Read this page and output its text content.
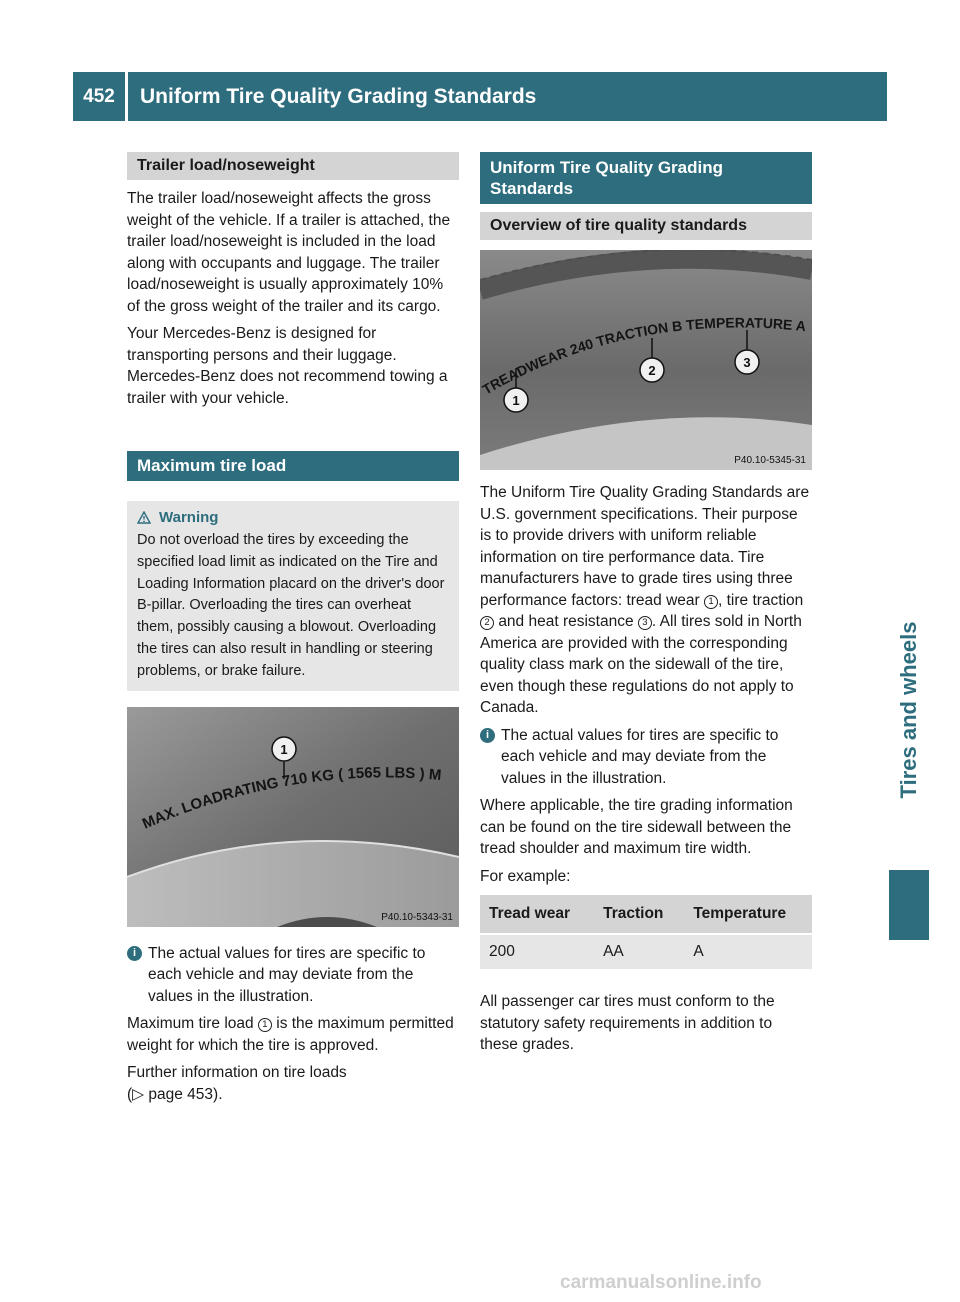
452	Uniform Tire Quality Grading Standards
Tires and wheels
Trailer load/noseweight

The trailer load/noseweight affects the gross weight of the vehicle. If a trailer is attached, the trailer load/noseweight is included in the load along with occupants and luggage. The trailer load/noseweight is usually approximately 10% of the gross weight of the trailer and its cargo.

Your Mercedes-Benz is designed for transporting persons and their luggage. Mercedes-Benz does not recommend towing a trailer with your vehicle.

Maximum tire load
Warning
Do not overload the tires by exceeding the specified load limit as indicated on the Tire and Loading Information placard on the driver's door B-pillar. Overloading the tires can overheat them, possibly causing a blowout. Overloading the tires can also result in handling or steering problems, or brake failure.
MAX. LOADRATING 710 KG ( 1565 LBS ) M
1
P40.10-5343-31
i The actual values for tires are specific to each vehicle and may deviate from the values in the illustration.

Maximum tire load 1 is the maximum permitted weight for which the tire is approved.

Further information on tire loads
(▷ page 453).

Uniform Tire Quality Grading Standards
Overview of tire quality standards
TREADWEAR 240 TRACTION B TEMPERATURE A
1
2
3
P40.10-5345-31

The Uniform Tire Quality Grading Standards are U.S. government specifications. Their purpose is to provide drivers with uniform reliable information on tire performance data. Tire manufacturers have to grade tires using three performance factors: tread wear 1 , tire traction 2 and heat resistance 3 . All tires sold in North America are provided with the corresponding quality class mark on the sidewall of the tire, even though these regulations do not apply to Canada.

i The actual values for tires are specific to each vehicle and may deviate from the values in the illustration.

Where applicable, the tire grading information can be found on the tire sidewall between the tread shoulder and maximum tire width.

For example:

Tread wear	Traction	Temperature
200	AA	A

All passenger car tires must conform to the statutory safety requirements in addition to these grades.

carmanualsonline.info
